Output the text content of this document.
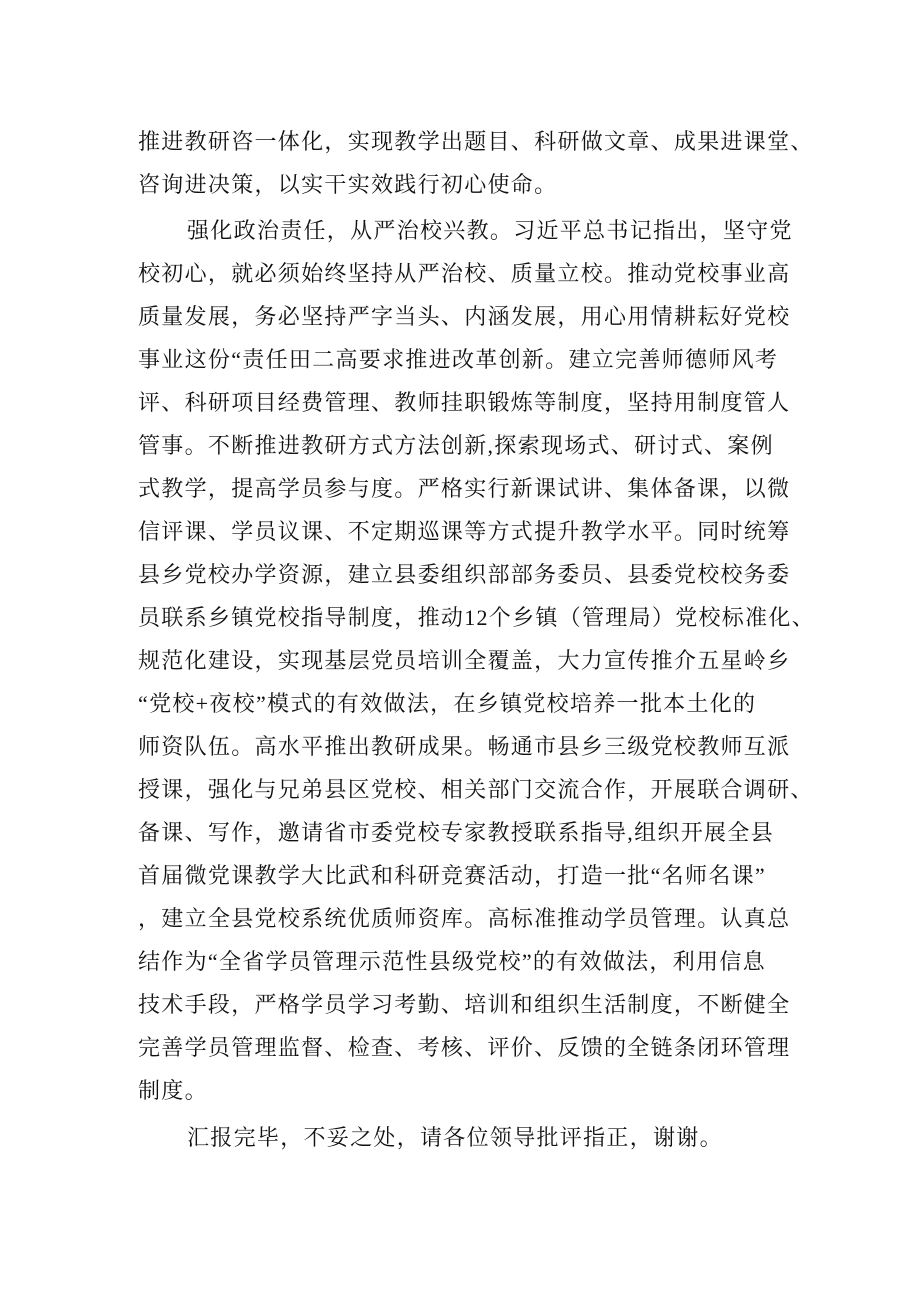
推进教研咨一体化，实现教学出题目、科研做文章、成果进课堂、
咨询进决策，以实干实效践行初心使命。
强化政治责任，从严治校兴教。习近平总书记指出，坚守党
校初心，就必须始终坚持从严治校、质量立校。推动党校事业高
质量发展，务必坚持严字当头、内涵发展，用心用情耕耘好党校
事业这份“责任田二高要求推进改革创新。建立完善师德师风考
评、科研项目经费管理、教师挂职锻炼等制度，坚持用制度管人
管事。不断推进教研方式方法创新,探索现场式、研讨式、案例
式教学，提高学员参与度。严格实行新课试讲、集体备课，以微
信评课、学员议课、不定期巡课等方式提升教学水平。同时统筹
县乡党校办学资源，建立县委组织部部务委员、县委党校校务委
员联系乡镇党校指导制度，推动12个乡镇（管理局）党校标准化、
规范化建设，实现基层党员培训全覆盖，大力宣传推介五星岭乡
“党校+夜校”模式的有效做法，在乡镇党校培养一批本土化的
师资队伍。高水平推出教研成果。畅通市县乡三级党校教师互派
授课，强化与兄弟县区党校、相关部门交流合作，开展联合调研、
备课、写作，邀请省市委党校专家教授联系指导,组织开展全县
首届微党课教学大比武和科研竞赛活动，打造一批“名师名课”
，建立全县党校系统优质师资库。高标准推动学员管理。认真总
结作为“全省学员管理示范性县级党校”的有效做法，利用信息
技术手段，严格学员学习考勤、培训和组织生活制度，不断健全
完善学员管理监督、检查、考核、评价、反馈的全链条闭环管理
制度。
汇报完毕，不妥之处，请各位领导批评指正，谢谢。
